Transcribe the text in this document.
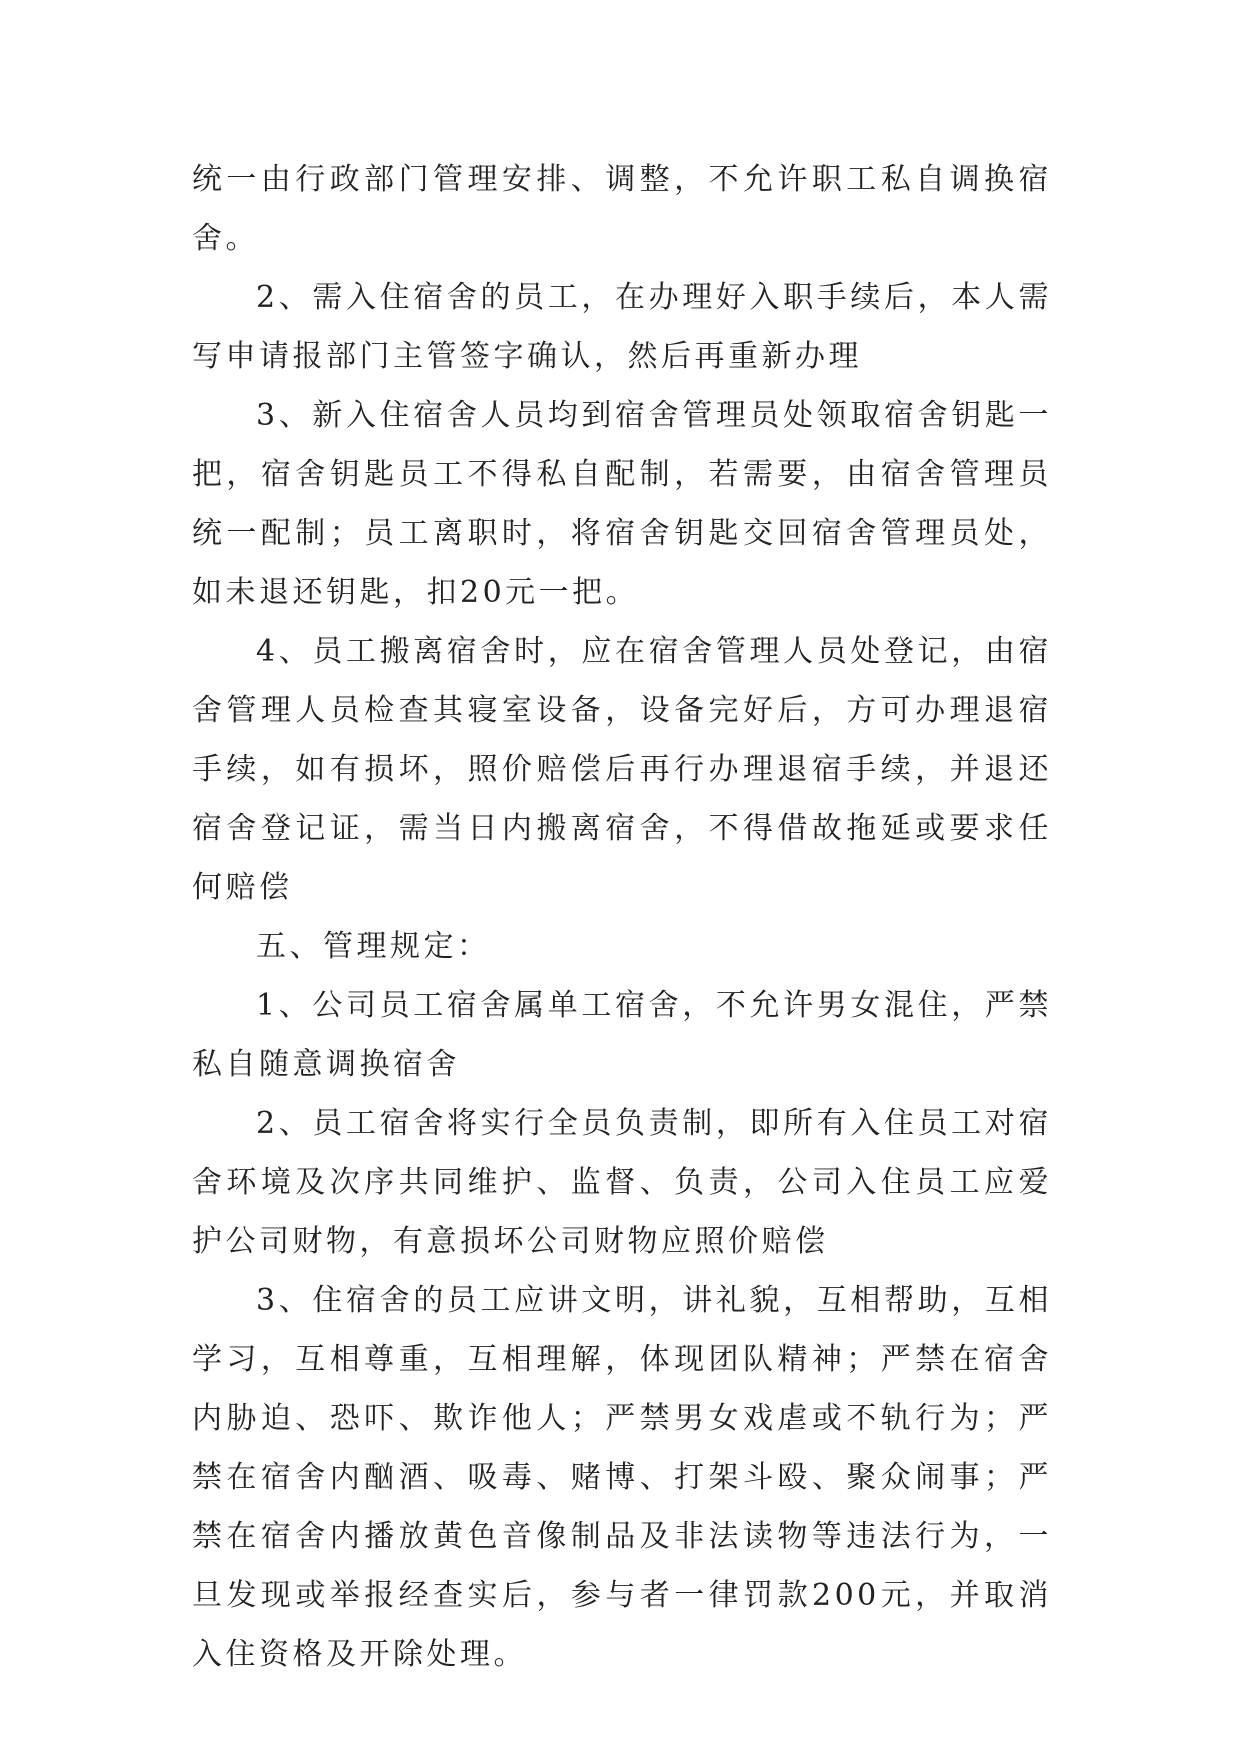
统一由行政部门管理安排、调整，不允许职工私自调换宿舍。

2、需入住宿舍的员工，在办理好入职手续后，本人需写申请报部门主管签字确认，然后再重新办理

3、新入住宿舍人员均到宿舍管理员处领取宿舍钥匙一把，宿舍钥匙员工不得私自配制，若需要，由宿舍管理员统一配制；员工离职时，将宿舍钥匙交回宿舍管理员处，如未退还钥匙，扣20元一把。

4、员工搬离宿舍时，应在宿舍管理人员处登记，由宿舍管理人员检查其寝室设备，设备完好后，方可办理退宿手续，如有损坏，照价赔偿后再行办理退宿手续，并退还宿舍登记证，需当日内搬离宿舍，不得借故拖延或要求任何赔偿

五、管理规定：

1、公司员工宿舍属单工宿舍，不允许男女混住，严禁私自随意调换宿舍

2、员工宿舍将实行全员负责制，即所有入住员工对宿舍环境及次序共同维护、监督、负责，公司入住员工应爱护公司财物，有意损坏公司财物应照价赔偿

3、住宿舍的员工应讲文明，讲礼貌，互相帮助，互相学习，互相尊重，互相理解，体现团队精神；严禁在宿舍内胁迫、恐吓、欺诈他人；严禁男女戏虐或不轨行为；严禁在宿舍内酗酒、吸毒、赌博、打架斗殴、聚众闹事；严禁在宿舍内播放黄色音像制品及非法读物等违法行为，一旦发现或举报经查实后，参与者一律罚款200元，并取消入住资格及开除处理。
